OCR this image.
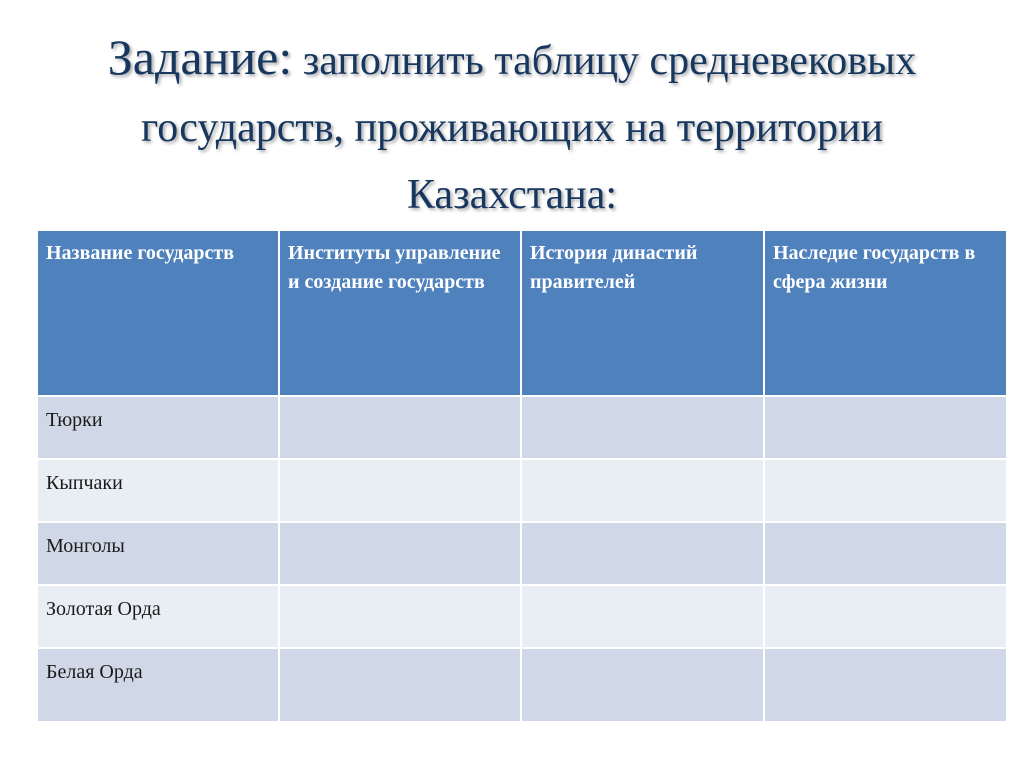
Задание: заполнить таблицу средневековых государств, проживающих на территории Казахстана:
Название государств	Институты управление и создание государств	История династий правителей	Наследие государств в сфера жизни
Тюрки			
Кыпчаки			
Монголы			
Золотая Орда			
Белая Орда			
